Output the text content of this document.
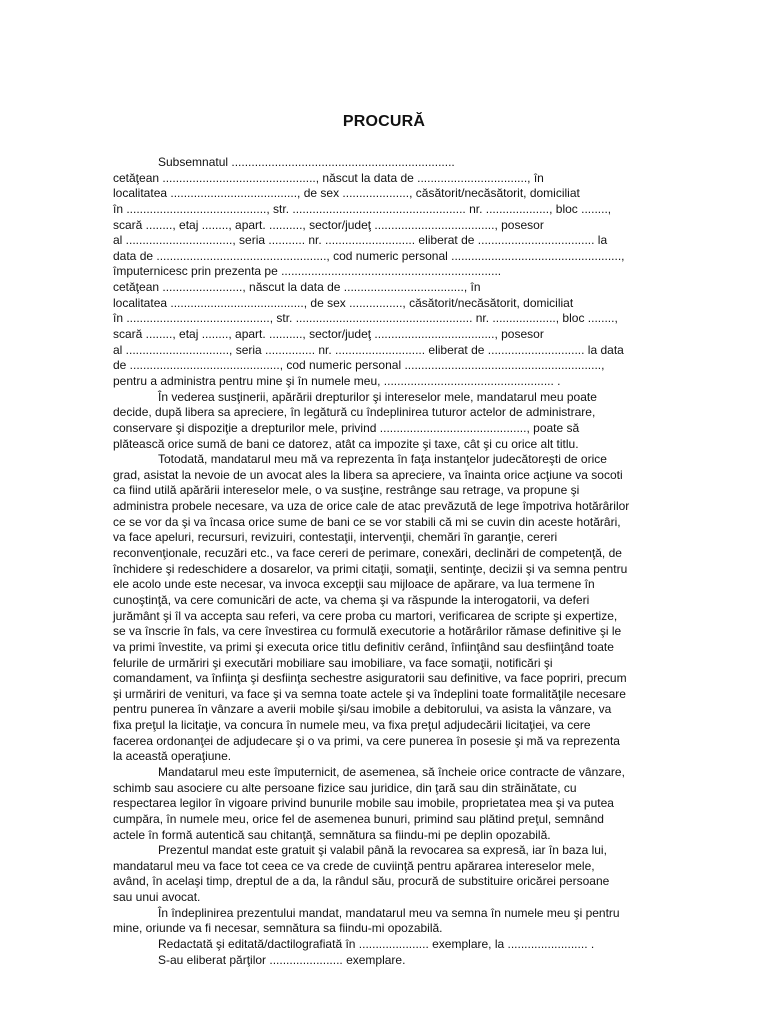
PROCURĂ
Subsemnatul ...................................................................
cetăţean .............................................., născut la data de ................................., în
localitatea ......................................, de sex ...................., căsătorit/necăsătorit, domiciliat
în .........................................., str. .................................................... nr. ..................., bloc ........,
scară ........, etaj ........, apart. .........., sector/judeţ ...................................., posesor
al ................................, seria ........... nr. ........................... eliberat de ................................... la
data de ..................................................., cod numeric personal ...................................................,
împuternicesc prin prezenta pe ..................................................................
cetăţean ........................, născut la data de ...................................., în
localitatea ........................................, de sex ................, căsătorit/necăsătorit, domiciliat
în ..........................................., str. ..................................................... nr. ..................., bloc ........,
scară ........, etaj ........, apart. .........., sector/judeţ ...................................., posesor
al ..............................., seria ............... nr. ........................... eliberat de ............................. la data
de ............................................., cod numeric personal ...........................................................,
pentru a administra pentru mine şi în numele meu, ................................................... .
În vederea susţinerii, apărării drepturilor şi intereselor mele, mandatarul meu poate
decide, după libera sa apreciere, în legătură cu îndeplinirea tuturor actelor de administrare,
conservare şi dispoziţie a drepturilor mele, privind ............................................, poate să
plătească orice sumă de bani ce datorez, atât ca impozite şi taxe, cât şi cu orice alt titlu.
Totodată, mandatarul meu mă va reprezenta în faţa instanţelor judecătoreşti de orice
grad, asistat la nevoie de un avocat ales la libera sa apreciere, va înainta orice acţiune va socoti
ca fiind utilă apărării intereselor mele, o va susţine, restrânge sau retrage, va propune şi
administra probele necesare, va uza de orice cale de atac prevăzută de lege împotriva hotărârilor
ce se vor da şi va încasa orice sume de bani ce se vor stabili că mi se cuvin din aceste hotărâri,
va face apeluri, recursuri, revizuiri, contestaţii, intervenţii, chemări în garanţie, cereri
reconvenţionale, recuzări etc., va face cereri de perimare, conexări, declinări de competenţă, de
închidere şi redeschidere a dosarelor, va primi citaţii, somaţii, sentinţe, decizii şi va semna pentru
ele acolo unde este necesar, va invoca excepţii sau mijloace de apărare, va lua termene în
cunoştinţă, va cere comunicări de acte, va chema şi va răspunde la interogatorii, va deferi
jurământ şi îl va accepta sau referi, va cere proba cu martori, verificarea de scripte şi expertize,
se va înscrie în fals, va cere învestirea cu formulă executorie a hotărârilor rămase definitive şi le
va primi învestite, va primi şi executa orice titlu definitiv cerând, înfiinţând sau desfiinţând toate
felurile de urmăriri şi executări mobiliare sau imobiliare, va face somaţii, notificări şi
comandament, va înfiinţa şi desfiinţa sechestre asiguratorii sau definitive, va face popriri, precum
şi urmăriri de venituri, va face şi va semna toate actele şi va îndeplini toate formalităţile necesare
pentru punerea în vânzare a averii mobile şi/sau imobile a debitorului, va asista la vânzare, va
fixa preţul la licitaţie, va concura în numele meu, va fixa preţul adjudecării licitaţiei, va cere
facerea ordonanţei de adjudecare şi o va primi, va cere punerea în posesie şi mă va reprezenta
la această operaţiune.
Mandatarul meu este împuternicit, de asemenea, să încheie orice contracte de vânzare,
schimb sau asociere cu alte persoane fizice sau juridice, din ţară sau din străinătate, cu
respectarea legilor în vigoare privind bunurile mobile sau imobile, proprietatea mea şi va putea
cumpăra, în numele meu, orice fel de asemenea bunuri, primind sau plătind preţul, semnând
actele în formă autentică sau chitanţă, semnătura sa fiindu-mi pe deplin opozabilă.
Prezentul mandat este gratuit şi valabil până la revocarea sa expresă, iar în baza lui,
mandatarul meu va face tot ceea ce va crede de cuviinţă pentru apărarea intereselor mele,
având, în acelaşi timp, dreptul de a da, la rândul său, procură de substituire oricărei persoane
sau unui avocat.
În îndeplinirea prezentului mandat, mandatarul meu va semna în numele meu şi pentru
mine, oriunde va fi necesar, semnătura sa fiindu-mi opozabilă.
Redactată şi editată/dactilografiată în ..................... exemplare, la ........................ .
S-au eliberat părţilor ...................... exemplare.
